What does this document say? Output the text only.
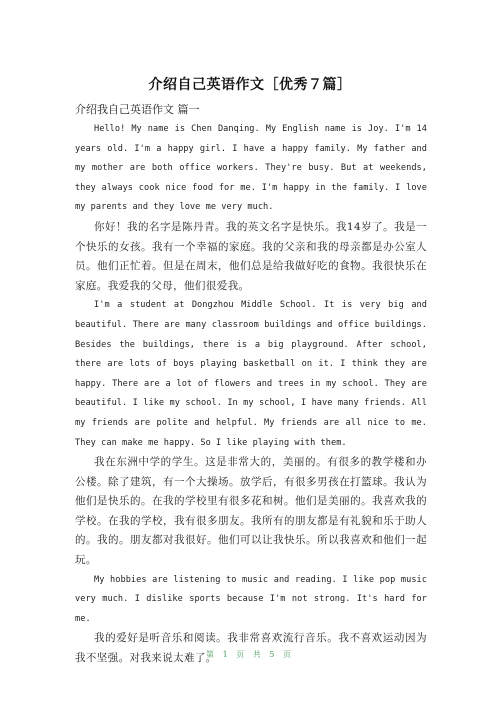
介绍自己英语作文［优秀７篇］
介绍我自己英语作文 篇一

Hello! My name is Chen Danqing. My English name is Joy. I'm 14 years old. I'm a happy girl. I have a happy family. My father and my mother are both office workers. They're busy. But at weekends, they always cook nice food for me. I'm happy in the family. I love my parents and they love me very much.

你好！我的名字是陈丹青。我的英文名字是快乐。我14岁了。我是一个快乐的女孩。我有一个幸福的家庭。我的父亲和我的母亲都是办公室人员。他们正忙着。但是在周末，他们总是给我做好吃的食物。我很快乐在家庭。我爱我的父母，他们很爱我。

I'm a student at Dongzhou Middle School. It is very big and beautiful. There are many classroom buildings and office buildings. Besides the buildings, there is a big playground. After school, there are lots of boys playing basketball on it. I think they are happy. There are a lot of flowers and trees in my school. They are beautiful. I like my school. In my school, I have many friends. All my friends are polite and helpful. My friends are all nice to me. They can make me happy. So I like playing with them.

我在东洲中学的学生。这是非常大的，美丽的。有很多的教学楼和办公楼。除了建筑，有一个大操场。放学后，有很多男孩在打篮球。我认为他们是快乐的。在我的学校里有很多花和树。他们是美丽的。我喜欢我的学校。在我的学校，我有很多朋友。我所有的朋友都是有礼貌和乐于助人的。我的。朋友都对我很好。他们可以让我快乐。所以我喜欢和他们一起玩。

My hobbies are listening to music and reading. I like pop music very much. I dislike sports because I'm not strong. It's hard for me.

我的爱好是听音乐和阅读。我非常喜欢流行音乐。我不喜欢运动因为我不坚强。对我来说太难了。

第 1 页 共 5 页
